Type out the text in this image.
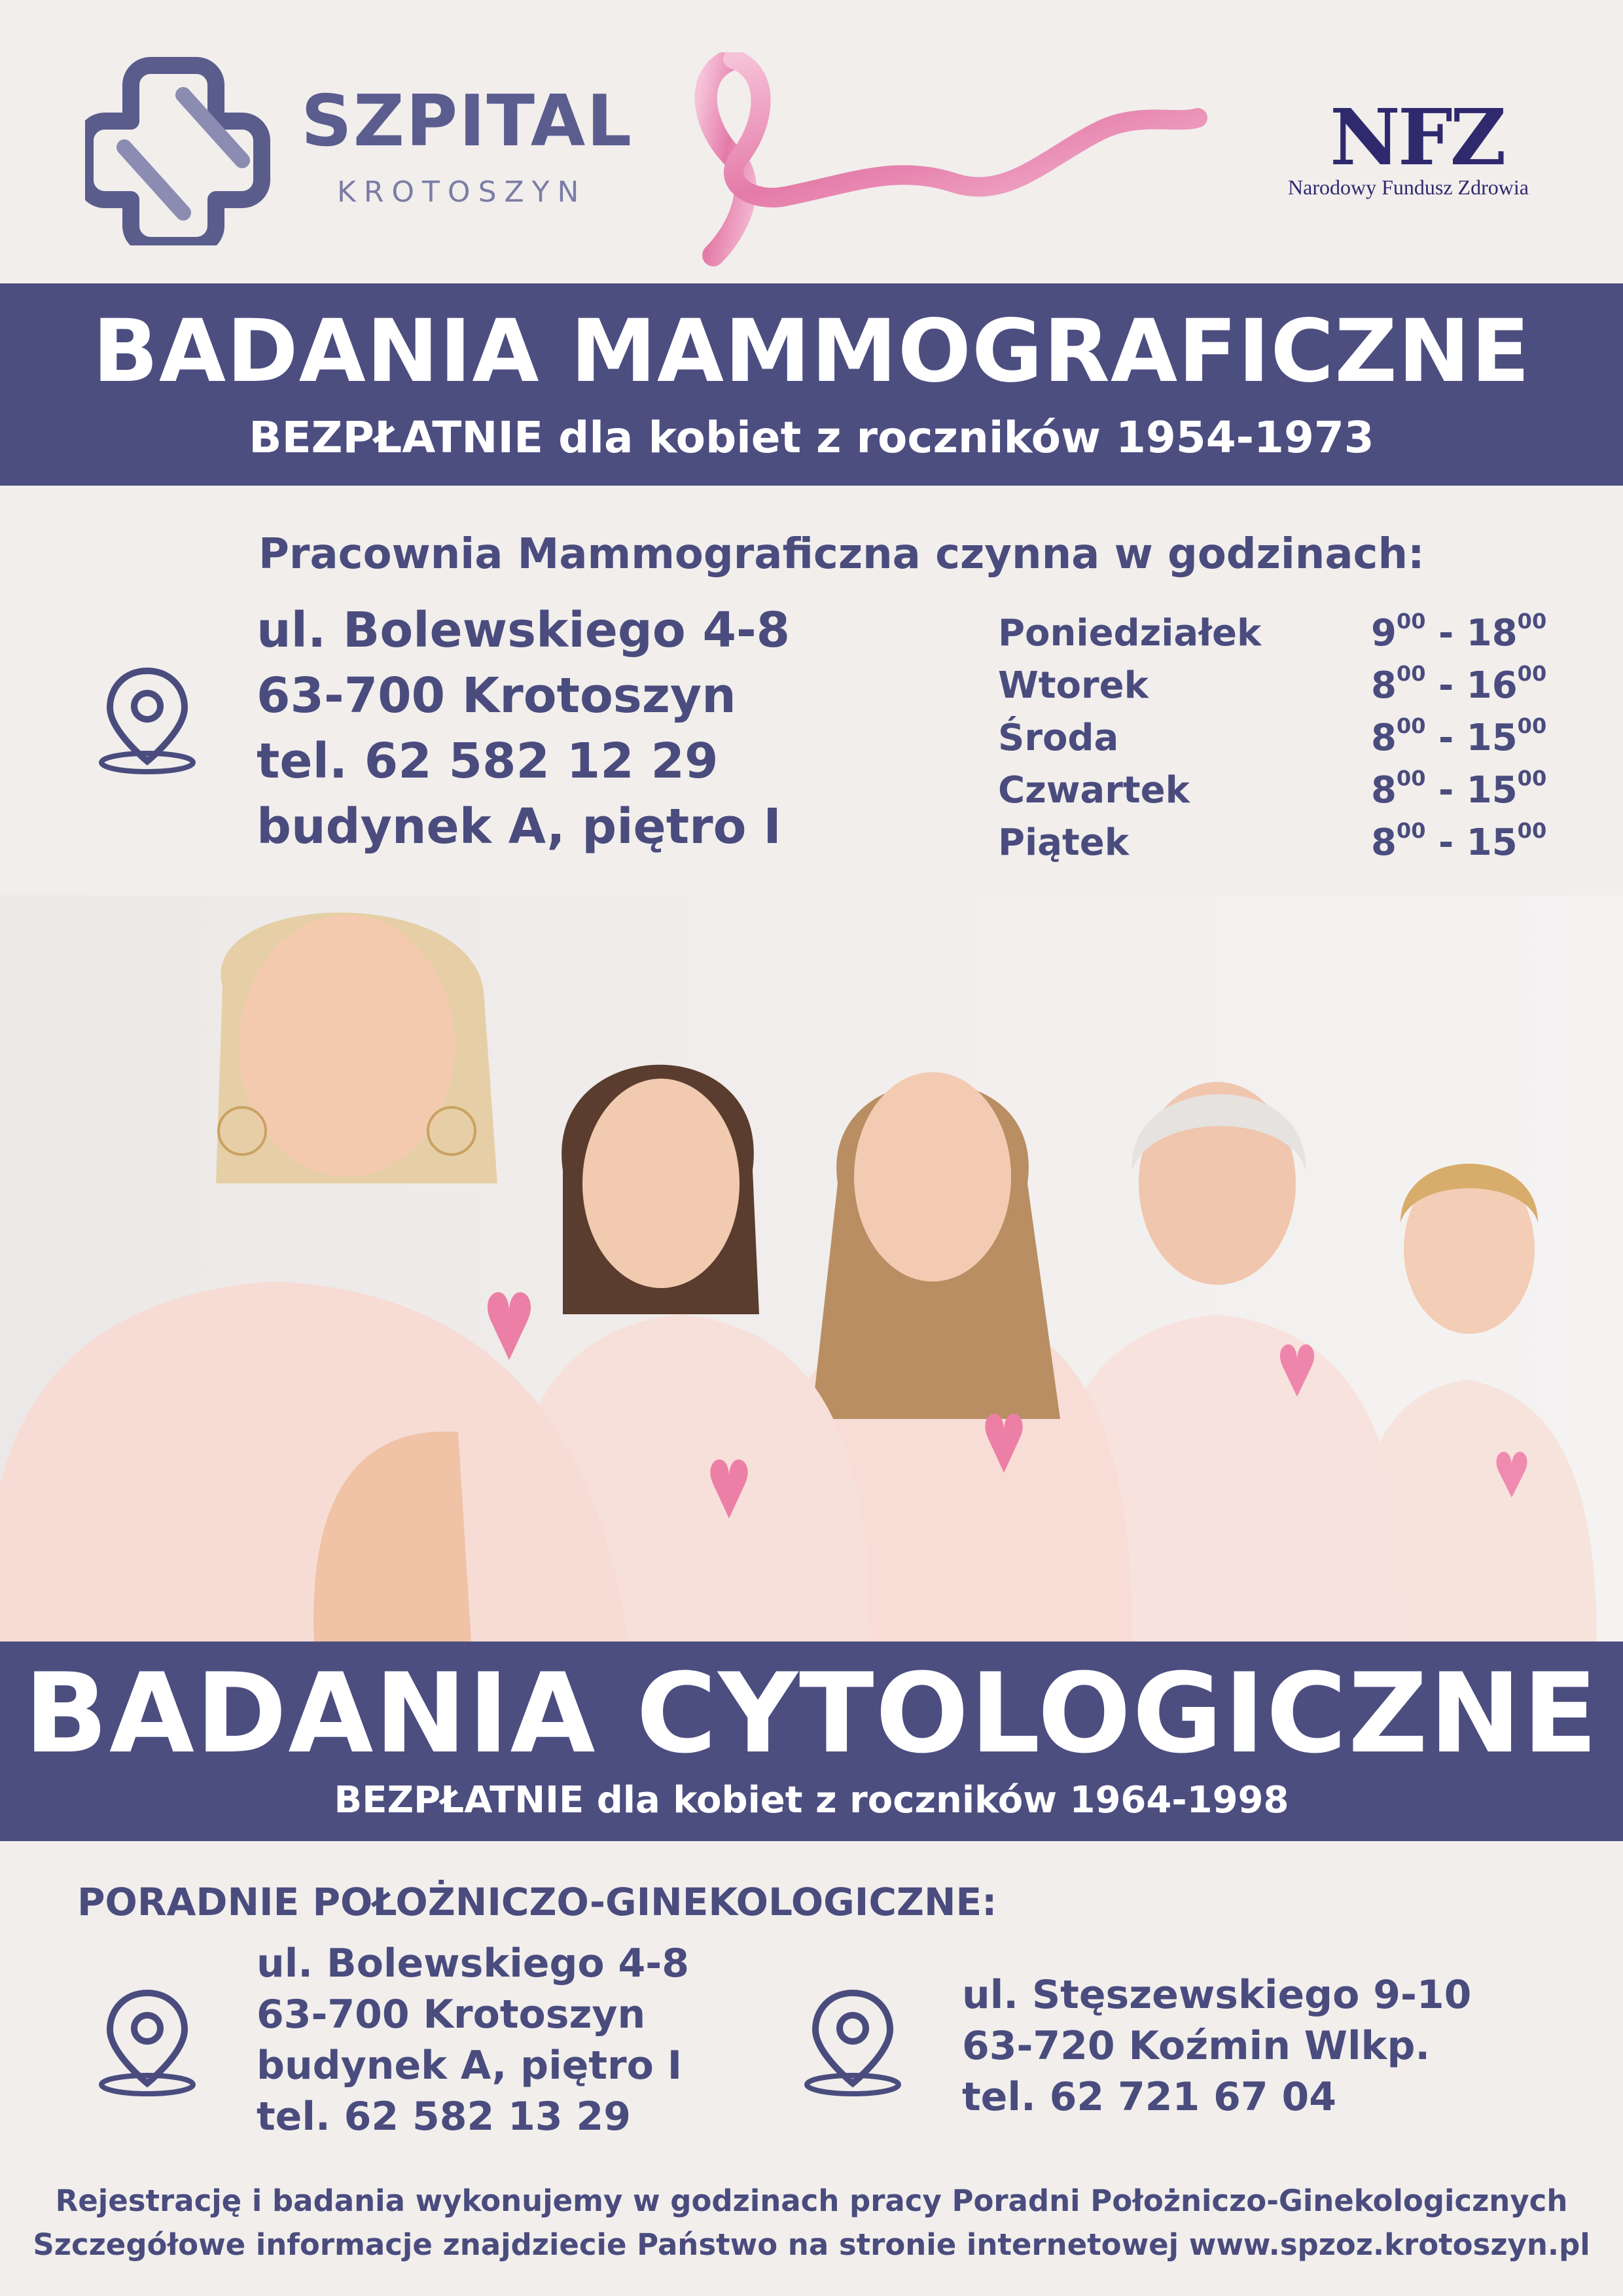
SZPITAL
KROTOSZYN
NFZ
Narodowy Fundusz Zdrowia
BADANIA MAMMOGRAFICZNE
BEZPŁATNIE dla kobiet z roczników 1954-1973
Pracownia Mammograficzna czynna w godzinach:
ul. Bolewskiego 4-8
63-700 Krotoszyn
tel. 62 582 12 29
budynek A, piętro I
Poniedziałek	$9^{00} - 18^{00}$
Wtorek	$8^{00} - 16^{00}$
Środa	$8^{00} - 15^{00}$
Czwartek	$8^{00} - 15^{00}$
Piątek	$8^{00} - 15^{00}$
BADANIA CYTOLOGICZNE
BEZPŁATNIE dla kobiet z roczników 1964-1998
PORADNIE POŁOŻNICZO-GINEKOLOGICZNE:
ul. Bolewskiego 4-8
63-700 Krotoszyn
budynek A, piętro I
tel. 62 582 13 29
ul. Stęszewskiego 9-10
63-720 Koźmin Wlkp.
tel. 62 721 67 04
Rejestrację i badania wykonujemy w godzinach pracy Poradni Położniczo-Ginekologicznych
Szczegółowe informacje znajdziecie Państwo na stronie internetowej www.spzoz.krotoszyn.pl
